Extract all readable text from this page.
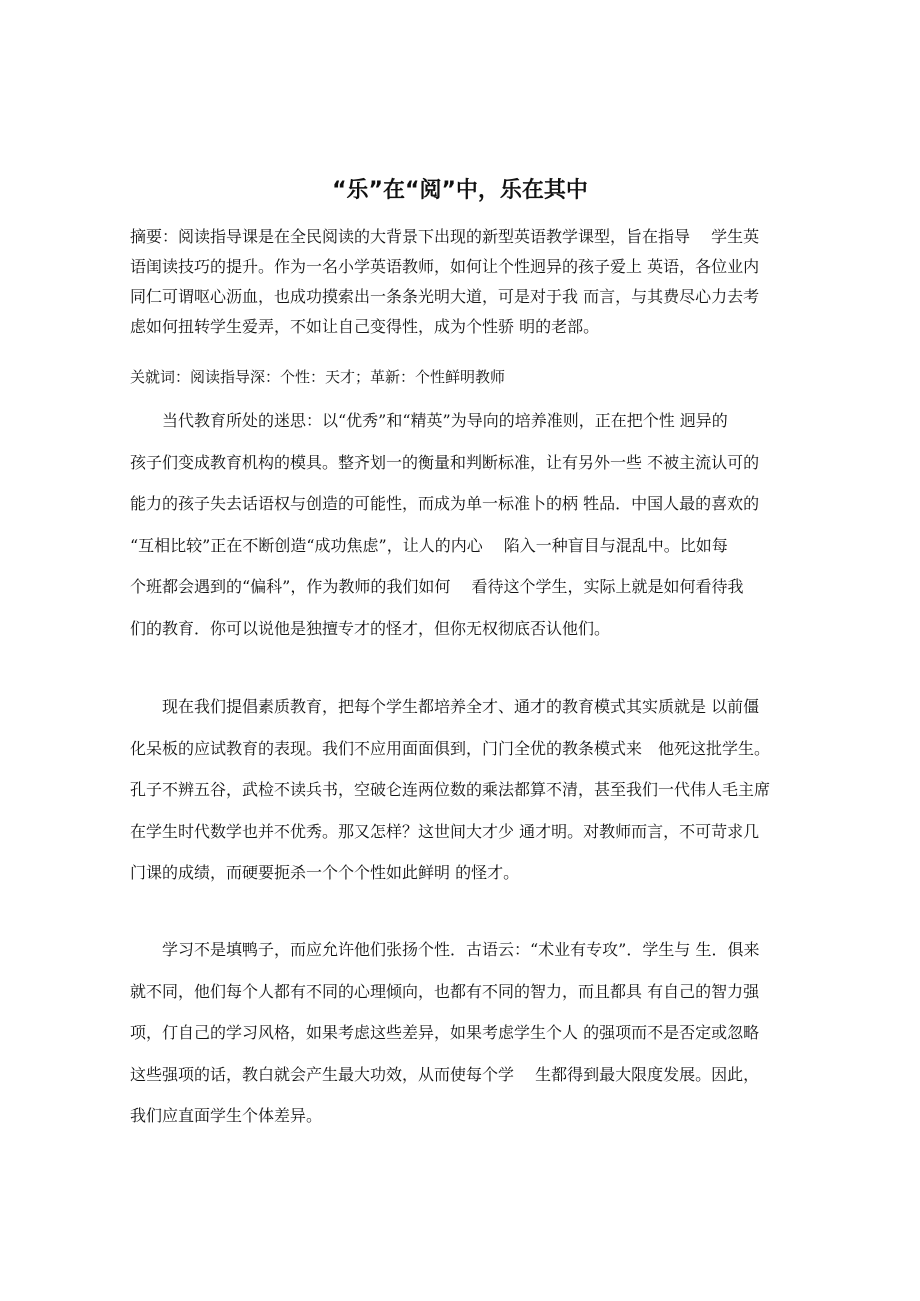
“乐”在“阅”中，乐在其中
摘要：阅读指导课是在全民阅读的大背景下出现的新型英语教学课型，旨在指导　 学生英
语闺读技巧的提升。作为一名小学英语教师，如何让个性迥异的孩子爱上 英语，各位业内
同仁可谓呕心沥血，也成功摸索出一条条光明大道，可是对于我 而言，与其费尽心力去考
虑如何扭转学生爱弄，不如让自己变得性，成为个性骄 明的老部。
关就词：阅读指导深：个性：天才；革新：个性鲜明教师
当代教育所处的迷思：以“优秀”和“精英”为导向的培养准则，正在把个性 迥异的
孩子们变成教育机构的模具。整齐划一的衡量和判断标准，让有另外一些 不被主流认可的
能力的孩子失去话语权与创造的可能性，而成为单一标准卜的柄 牲品．中国人最的喜欢的
“互相比较”正在不断创造“成功焦虑”，让人的内心　 陷入一种盲目与混乱中。比如每
个班都会遇到的“偏科”，作为教师的我们如何　 看待这个学生，实际上就是如何看待我
们的教育．你可以说他是独擅专才的怪才，但你无权彻底否认他们。
现在我们提倡素质教育，把每个学生都培养全才、通才的教育模式其实质就是 以前僵
化呆板的应试教育的表现。我们不应用面面俱到，门门全优的教条模式来　他死这批学生。
孔子不辨五谷，武检不读兵书，空破仑连两位数的乘法都算不清，甚至我们一代伟人毛主席
在学生时代数学也并不优秀。那又怎样？这世间大才少 通才明。对教师而言，不可苛求几
门课的成绩，而硬要扼杀一个个个性如此鲜明 的怪才。
学习不是填鸭子，而应允许他们张扬个性．古语云：“术业有专攻”．学生与 生．俱来
就不同，他们每个人都有不同的心理倾向，也都有不同的智力，而且都具 有自己的智力强
项，仃自己的学习风格，如果考虑这些差异，如果考虑学生个人 的强项而不是否定或忽略
这些强项的话，教白就会产生最大功效，从而使每个学　 生都得到最大限度发展。因此，
我们应直面学生个体差异。
